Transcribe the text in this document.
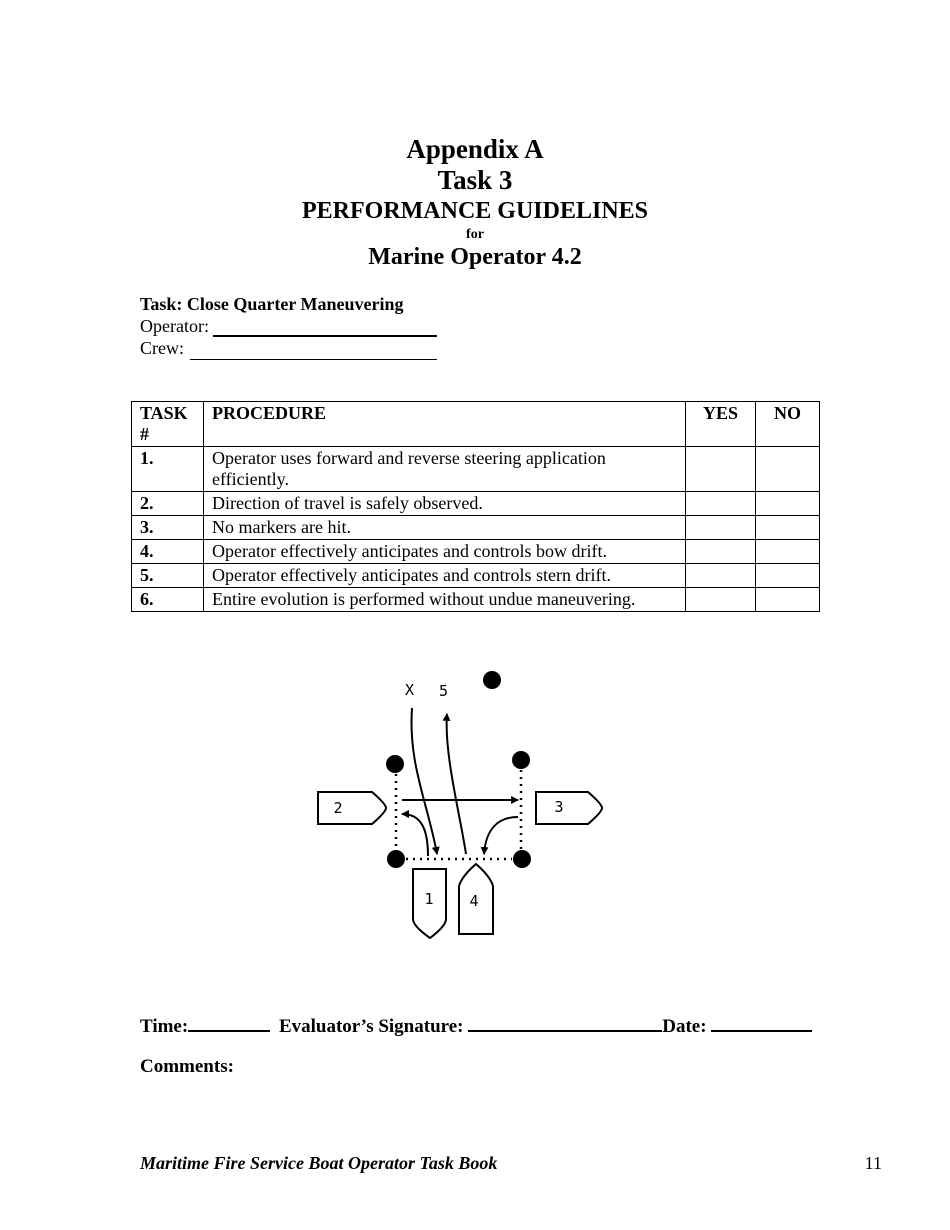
Appendix A
Task 3
PERFORMANCE GUIDELINES
for
Marine Operator 4.2
Task: Close Quarter Maneuvering
Operator:
Crew:
TASK #	PROCEDURE	YES	NO
1.	Operator uses forward and reverse steering application efficiently.		
2.	Direction of travel is safely observed.		
3.	No markers are hit.		
4.	Operator effectively anticipates and controls bow drift.		
5.	Operator effectively anticipates and controls stern drift.		
6.	Entire evolution is performed without undue maneuvering.		
X 5
2	3
1 4
Time:	Evaluator’s Signature:	Date:
Comments:
Maritime Fire Service Boat Operator Task Book	11
